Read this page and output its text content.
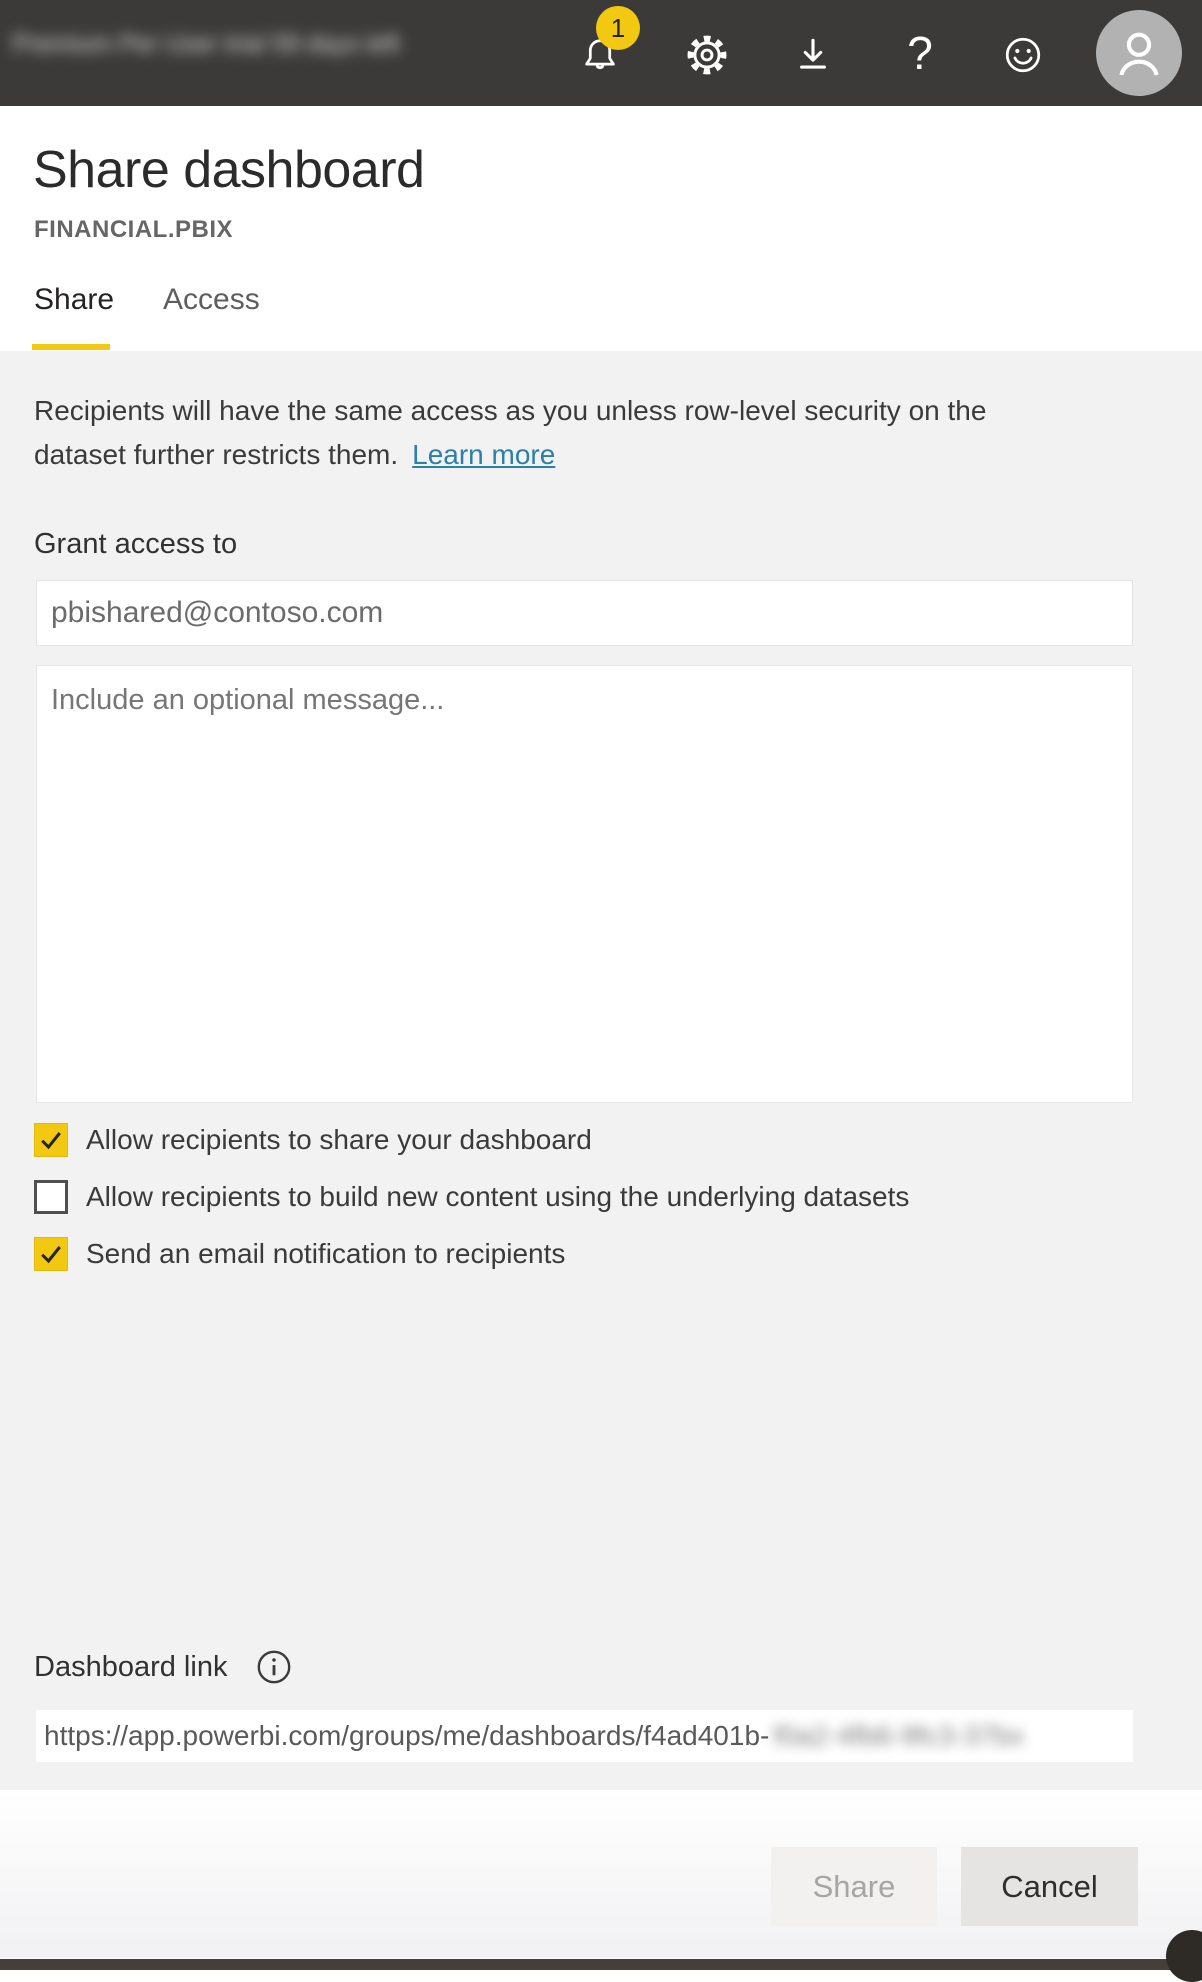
Premium Per User trial 59 days left
1	?
Share dashboard
FINANCIAL.PBIX
Share Access
Recipients will have the same access as you unless row-level security on the dataset further restricts them. Learn more
Grant access to
pbishared@contoso.com
Include an optional message...
Allow recipients to share your dashboard
Allow recipients to build new content using the underlying datasets
Send an email notification to recipients
Dashboard link
https://app.powerbi.com/groups/me/dashboards/f4ad401b- f0a2-4fb6-9fc3-37bx
Share	Cancel
